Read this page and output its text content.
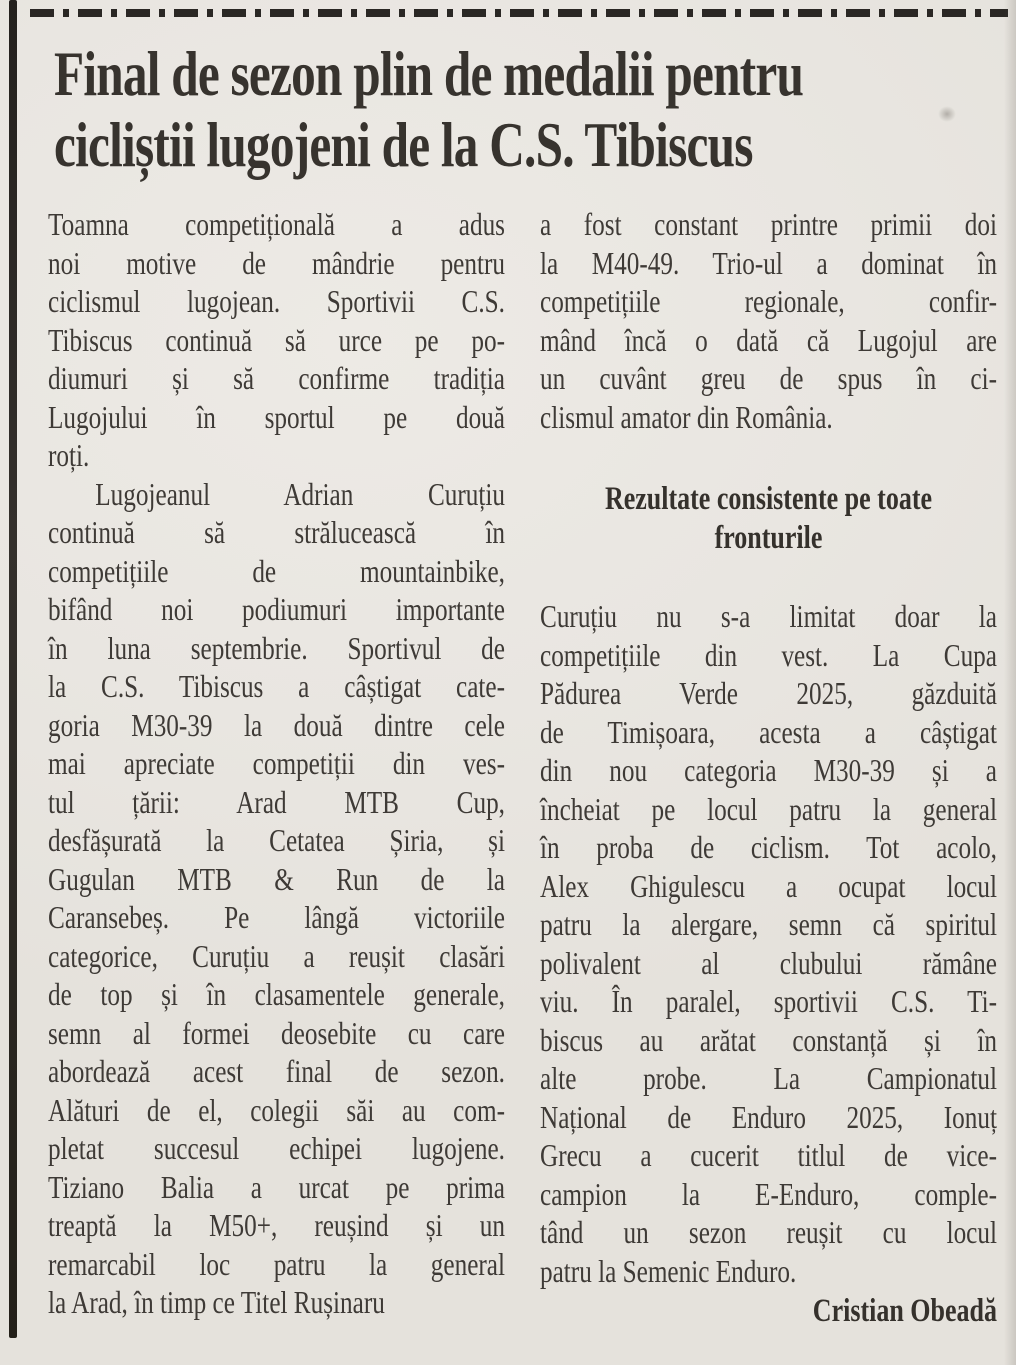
Final de sezon plin de medalii pentru
cicliștii lugojeni de la C.S. Tibiscus
Toamna competițională a adus
noi motive de mândrie pentru
ciclismul lugojean. Sportivii C.S.
Tibiscus continuă să urce pe po-
diumuri și să confirme tradiția
Lugojului în sportul pe două
roți.
Lugojeanul Adrian Curuțiu
continuă să strălucească în
competițiile de mountainbike,
bifând noi podiumuri importante
în luna septembrie. Sportivul de
la C.S. Tibiscus a câștigat cate-
goria M30-39 la două dintre cele
mai apreciate competiții din ves-
tul țării: Arad MTB Cup,
desfășurată la Cetatea Șiria, și
Gugulan MTB & Run de la
Caransebeș. Pe lângă victoriile
categorice, Curuțiu a reușit clasări
de top și în clasamentele generale,
semn al formei deosebite cu care
abordează acest final de sezon.
Alături de el, colegii săi au com-
pletat succesul echipei lugojene.
Tiziano Balia a urcat pe prima
treaptă la M50+, reușind și un
remarcabil loc patru la general
la Arad, în timp ce Titel Rușinaru
a fost constant printre primii doi
la M40-49. Trio-ul a dominat în
competițiile regionale, confir-
mând încă o dată că Lugojul are
un cuvânt greu de spus în ci-
clismul amator din România.
Rezultate consistente pe toate
fronturile
Curuțiu nu s-a limitat doar la
competițiile din vest. La Cupa
Pădurea Verde 2025, găzduită
de Timișoara, acesta a câștigat
din nou categoria M30-39 și a
încheiat pe locul patru la general
în proba de ciclism. Tot acolo,
Alex Ghigulescu a ocupat locul
patru la alergare, semn că spiritul
polivalent al clubului rămâne
viu. În paralel, sportivii C.S. Ti-
biscus au arătat constanță și în
alte probe. La Campionatul
Național de Enduro 2025, Ionuț
Grecu a cucerit titlul de vice-
campion la E-Enduro, comple-
tând un sezon reușit cu locul
patru la Semenic Enduro.
Cristian Obeadă
